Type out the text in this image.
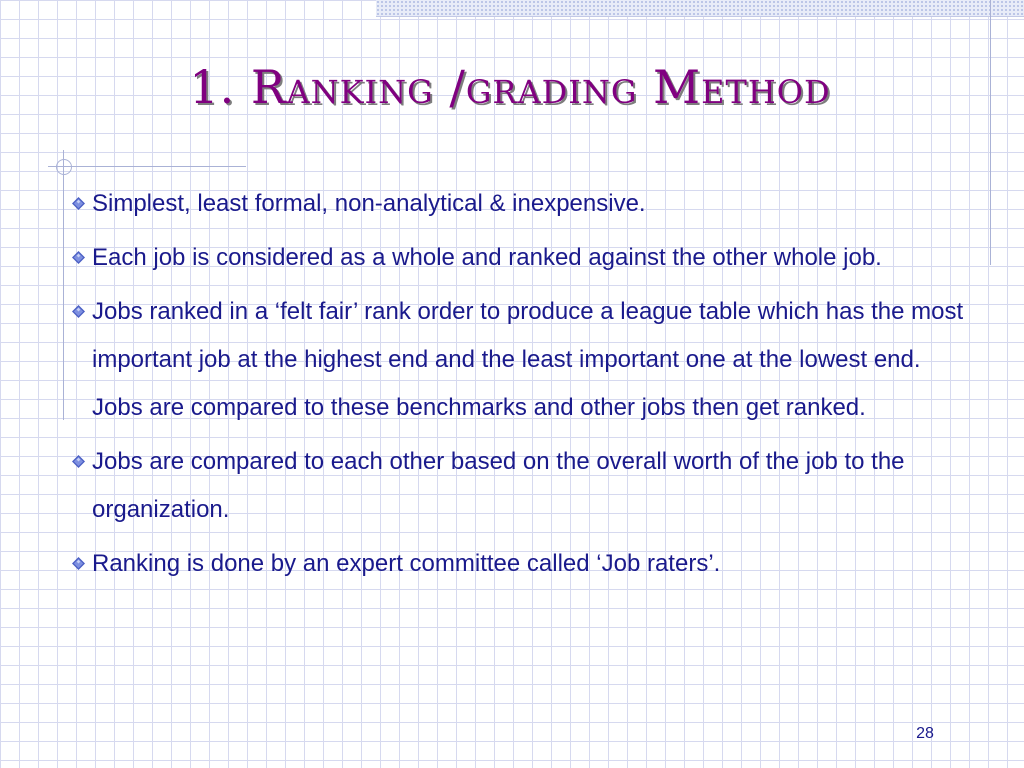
1. Ranking /grading Method
Simplest, least formal, non-analytical & inexpensive.
Each job is considered as a whole and ranked against the other whole job.
Jobs ranked in a ‘felt fair’ rank order to produce a league table which has the most important job at the highest end and the least important one at the lowest end. Jobs are compared to these benchmarks and other jobs then get ranked.
Jobs are compared to each other based on the overall worth of the job to the organization.
Ranking is done by an expert committee called ‘Job raters’.
28
